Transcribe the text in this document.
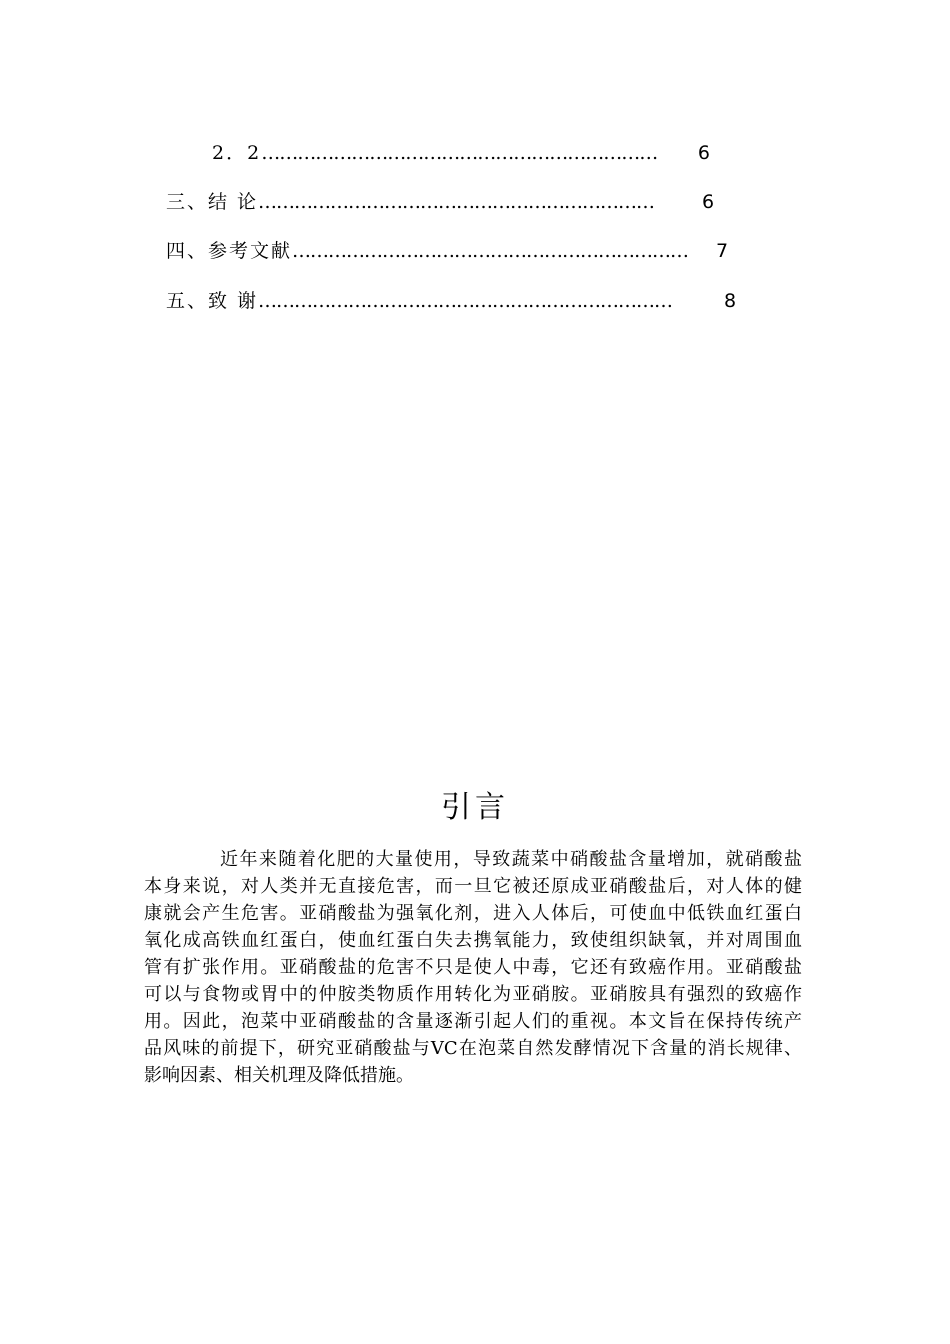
2．2 …………………………………………………………	6
三、结 论 …………………………………………………………	6
四、参考文献 …………………………………………………………	7
五、致 谢 ……………………………………………………………	8
引言
近年来随着化肥的大量使用，导致蔬菜中硝酸盐含量增加，就硝酸盐
本身来说，对人类并无直接危害，而一旦它被还原成亚硝酸盐后，对人体的健
康就会产生危害。亚硝酸盐为强氧化剂，进入人体后，可使血中低铁血红蛋白
氧化成高铁血红蛋白，使血红蛋白失去携氧能力，致使组织缺氧，并对周围血
管有扩张作用。亚硝酸盐的危害不只是使人中毒，它还有致癌作用。亚硝酸盐
可以与食物或胃中的仲胺类物质作用转化为亚硝胺。亚硝胺具有强烈的致癌作
用。因此，泡菜中亚硝酸盐的含量逐渐引起人们的重视。本文旨在保持传统产
品风味的前提下，研究亚硝酸盐与VC在泡菜自然发酵情况下含量的消长规律、
影响因素、相关机理及降低措施。
